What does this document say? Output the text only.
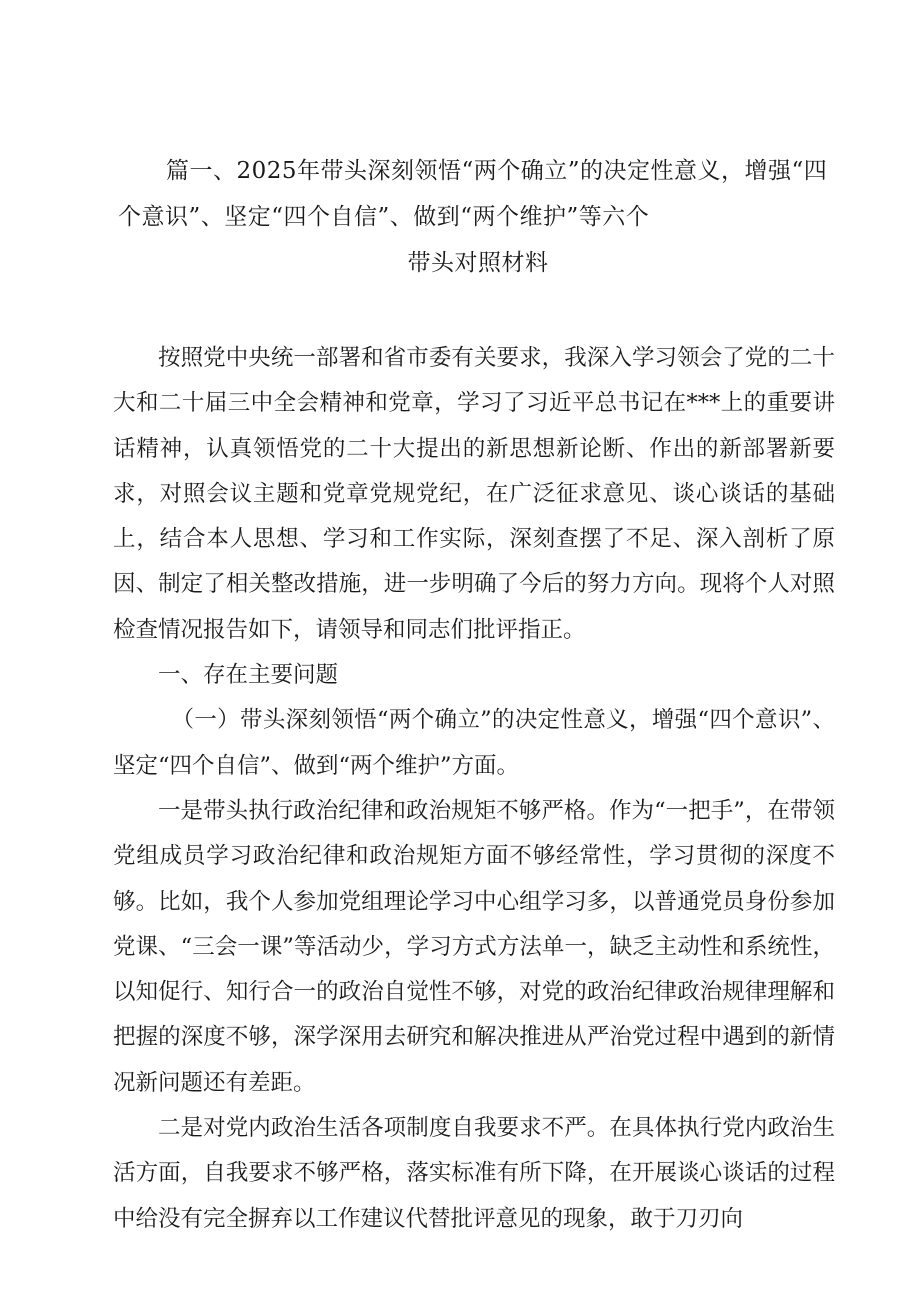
篇一、2025年带头深刻领悟“两个确立”的决定性意义，增强“四
个意识”、坚定“四个自信”、做到“两个维护”等六个
带头对照材料

按照党中央统一部署和省市委有关要求，我深入学习领会了党的二十大和二十届三中全会精神和党章，学习了习近平总书记在***上的重要讲话精神，认真领悟党的二十大提出的新思想新论断、作出的新部署新要求，对照会议主题和党章党规党纪，在广泛征求意见、谈心谈话的基础上，结合本人思想、学习和工作实际，深刻查摆了不足、深入剖析了原因、制定了相关整改措施，进一步明确了今后的努力方向。现将个人对照检查情况报告如下，请领导和同志们批评指正。

一、存在主要问题

（一）带头深刻领悟“两个确立”的决定性意义，增强“四个意识”、坚定“四个自信”、做到“两个维护”方面。

一是带头执行政治纪律和政治规矩不够严格。作为“一把手”，在带领党组成员学习政治纪律和政治规矩方面不够经常性，学习贯彻的深度不够。比如，我个人参加党组理论学习中心组学习多，以普通党员身份参加党课、“三会一课”等活动少，学习方式方法单一，缺乏主动性和系统性，以知促行、知行合一的政治自觉性不够，对党的政治纪律政治规律理解和把握的深度不够，深学深用去研究和解决推进从严治党过程中遇到的新情况新问题还有差距。

二是对党内政治生活各项制度自我要求不严。在具体执行党内政治生活方面，自我要求不够严格，落实标准有所下降，在开展谈心谈话的过程中给没有完全摒弃以工作建议代替批评意见的现象，敢于刀刃向
